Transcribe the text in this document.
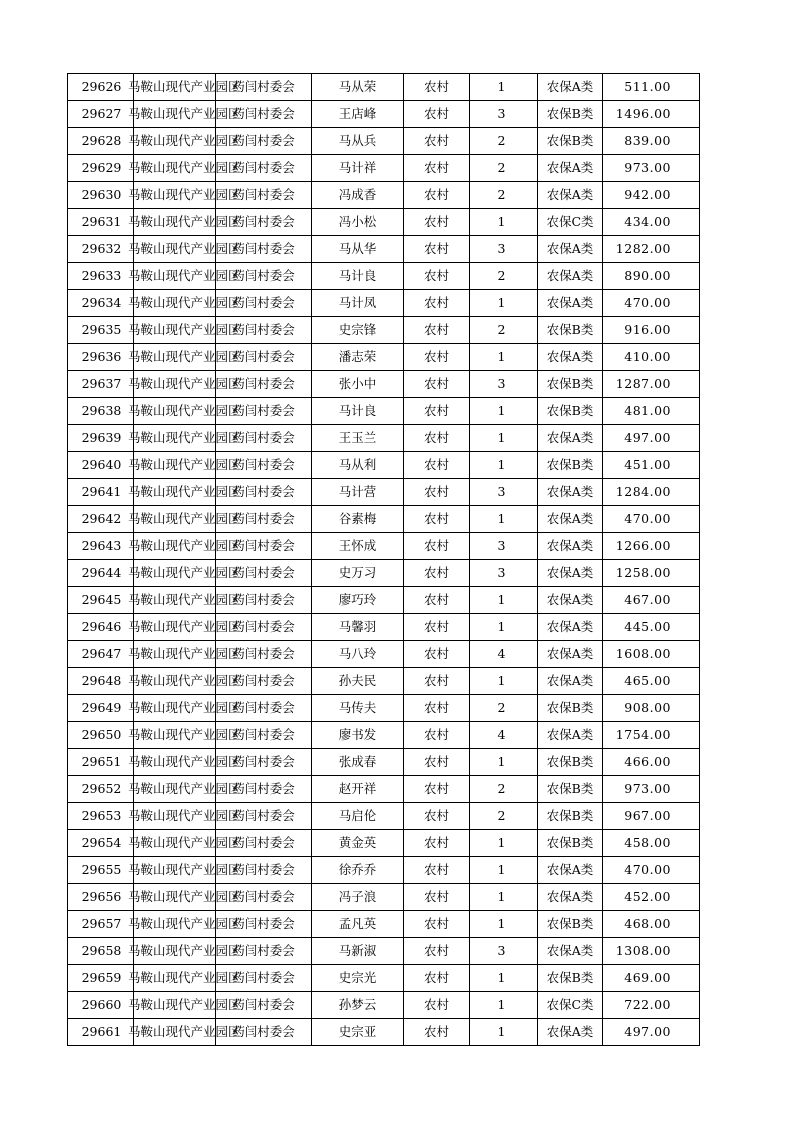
29626	马鞍山现代产业园区	药闫村委会	马从荣	农村	1	农保A类	511.00
29627	马鞍山现代产业园区	药闫村委会	王店峰	农村	3	农保B类	1496.00
29628	马鞍山现代产业园区	药闫村委会	马从兵	农村	2	农保B类	839.00
29629	马鞍山现代产业园区	药闫村委会	马计祥	农村	2	农保A类	973.00
29630	马鞍山现代产业园区	药闫村委会	冯成香	农村	2	农保A类	942.00
29631	马鞍山现代产业园区	药闫村委会	冯小松	农村	1	农保C类	434.00
29632	马鞍山现代产业园区	药闫村委会	马从华	农村	3	农保A类	1282.00
29633	马鞍山现代产业园区	药闫村委会	马计良	农村	2	农保A类	890.00
29634	马鞍山现代产业园区	药闫村委会	马计凤	农村	1	农保A类	470.00
29635	马鞍山现代产业园区	药闫村委会	史宗锋	农村	2	农保B类	916.00
29636	马鞍山现代产业园区	药闫村委会	潘志荣	农村	1	农保A类	410.00
29637	马鞍山现代产业园区	药闫村委会	张小中	农村	3	农保B类	1287.00
29638	马鞍山现代产业园区	药闫村委会	马计良	农村	1	农保B类	481.00
29639	马鞍山现代产业园区	药闫村委会	王玉兰	农村	1	农保A类	497.00
29640	马鞍山现代产业园区	药闫村委会	马从利	农村	1	农保B类	451.00
29641	马鞍山现代产业园区	药闫村委会	马计营	农村	3	农保A类	1284.00
29642	马鞍山现代产业园区	药闫村委会	谷素梅	农村	1	农保A类	470.00
29643	马鞍山现代产业园区	药闫村委会	王怀成	农村	3	农保A类	1266.00
29644	马鞍山现代产业园区	药闫村委会	史万习	农村	3	农保A类	1258.00
29645	马鞍山现代产业园区	药闫村委会	廖巧玲	农村	1	农保A类	467.00
29646	马鞍山现代产业园区	药闫村委会	马馨羽	农村	1	农保A类	445.00
29647	马鞍山现代产业园区	药闫村委会	马八玲	农村	4	农保A类	1608.00
29648	马鞍山现代产业园区	药闫村委会	孙夫民	农村	1	农保A类	465.00
29649	马鞍山现代产业园区	药闫村委会	马传夫	农村	2	农保B类	908.00
29650	马鞍山现代产业园区	药闫村委会	廖书发	农村	4	农保A类	1754.00
29651	马鞍山现代产业园区	药闫村委会	张成春	农村	1	农保B类	466.00
29652	马鞍山现代产业园区	药闫村委会	赵开祥	农村	2	农保B类	973.00
29653	马鞍山现代产业园区	药闫村委会	马启伦	农村	2	农保B类	967.00
29654	马鞍山现代产业园区	药闫村委会	黄金英	农村	1	农保B类	458.00
29655	马鞍山现代产业园区	药闫村委会	徐乔乔	农村	1	农保A类	470.00
29656	马鞍山现代产业园区	药闫村委会	冯子浪	农村	1	农保A类	452.00
29657	马鞍山现代产业园区	药闫村委会	孟凡英	农村	1	农保B类	468.00
29658	马鞍山现代产业园区	药闫村委会	马新淑	农村	3	农保A类	1308.00
29659	马鞍山现代产业园区	药闫村委会	史宗光	农村	1	农保B类	469.00
29660	马鞍山现代产业园区	药闫村委会	孙梦云	农村	1	农保C类	722.00
29661	马鞍山现代产业园区	药闫村委会	史宗亚	农村	1	农保A类	497.00
